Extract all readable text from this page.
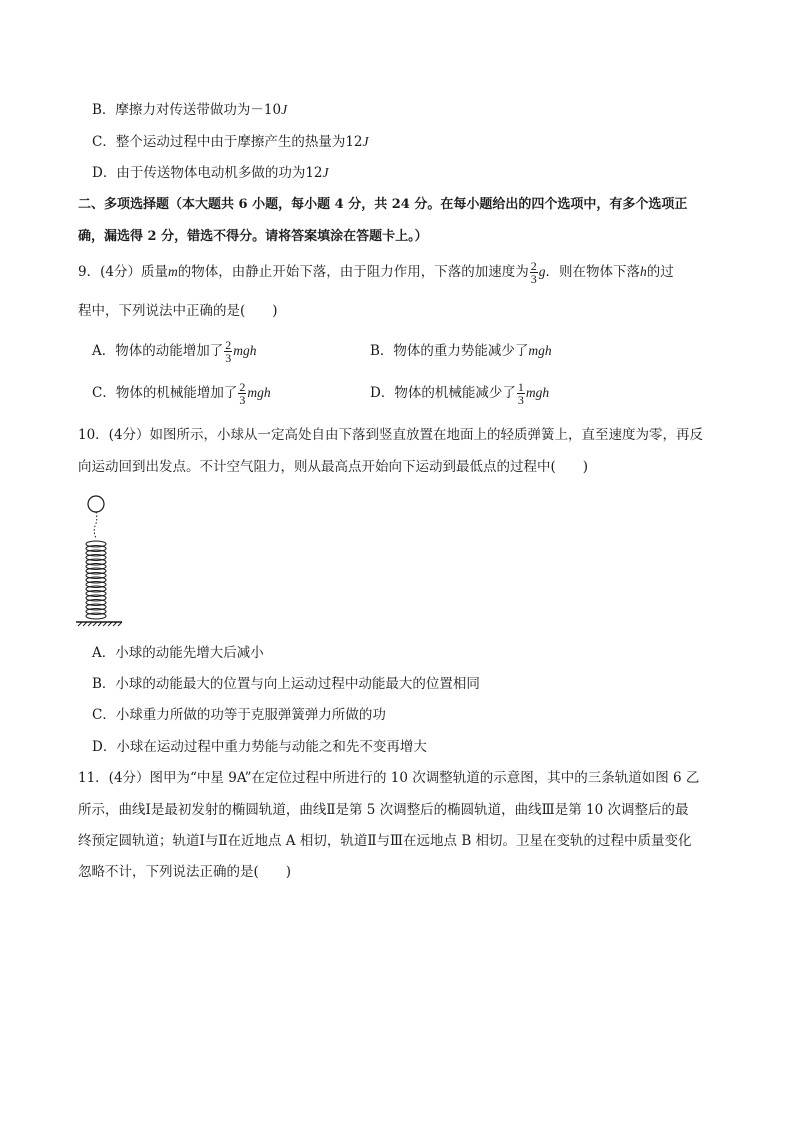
B．摩擦力对传送带做功为－10J
C．整个运动过程中由于摩擦产生的热量为12J
D．由于传送物体电动机多做的功为12J
二、多项选择题（本大题共 6 小题，每小题 4 分，共 24 分。在每小题给出的四个选项中，有多个选项正
确，漏选得 2 分，错选不得分。请将答案填涂在答题卡上。）
9．(4分）质量m的物体，由静止开始下落，由于阻力作用，下落的加速度为 $\frac{2}{3}$ g．则在物体下落h的过
程中，下列说法中正确的是(　　)
A．物体的动能增加了 $\frac{2}{3}$ mgh	B．物体的重力势能减少了mgh
C．物体的机械能增加了 $\frac{2}{3}$ mgh	D．物体的机械能减少了 $\frac{1}{3}$ mgh
10．(4分）如图所示，小球从一定高处自由下落到竖直放置在地面上的轻质弹簧上，直至速度为零，再反
向运动回到出发点。不计空气阻力，则从最高点开始向下运动到最低点的过程中(　　)
A．小球的动能先增大后减小
B．小球的动能最大的位置与向上运动过程中动能最大的位置相同
C．小球重力所做的功等于克服弹簧弹力所做的功
D．小球在运动过程中重力势能与动能之和先不变再增大
11．(4分）图甲为“中星 9A”在定位过程中所进行的 10 次调整轨道的示意图，其中的三条轨道如图 6 乙
所示，曲线Ⅰ是最初发射的椭圆轨道，曲线Ⅱ是第 5 次调整后的椭圆轨道，曲线Ⅲ是第 10 次调整后的最
终预定圆轨道；轨道Ⅰ与Ⅱ在近地点 A 相切，轨道Ⅱ与Ⅲ在远地点 B 相切。卫星在变轨的过程中质量变化
忽略不计，下列说法正确的是(　　)
